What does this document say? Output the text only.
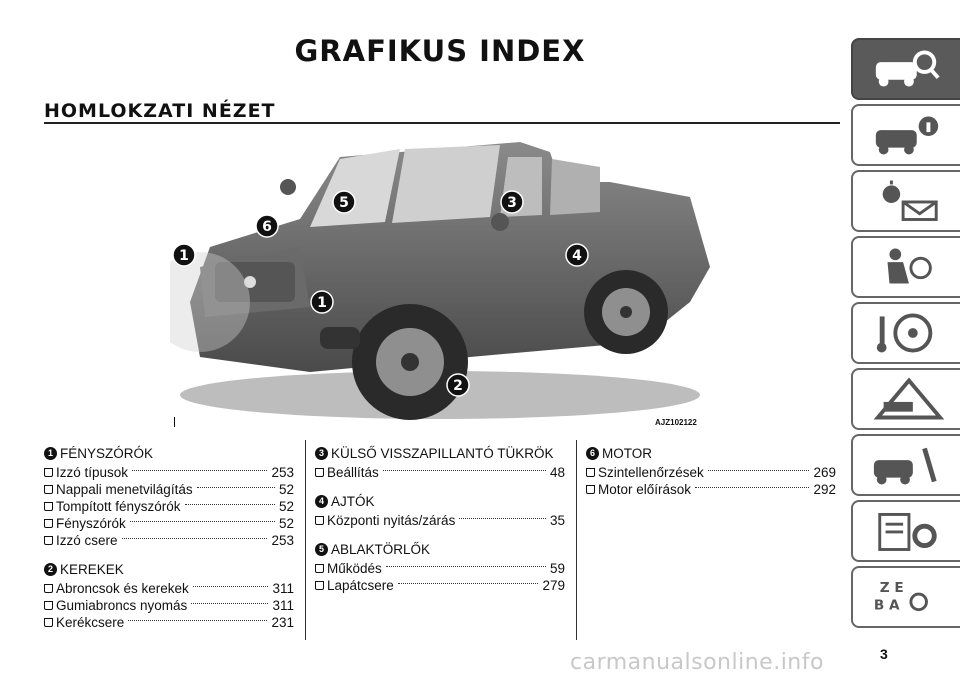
GRAFIKUS INDEX
HOMLOKZATI NÉZET
1
1
2
3
4
5
6
AJZ102122
1 FÉNYSZÓRÓK
Izzó típusok	253
Nappali menetvilágítás	52
Tompított fényszórók	52
Fényszórók	52
Izzó csere	253
2 KEREKEK
Abroncsok és kerekek	311
Gumiabroncs nyomás	311
Kerékcsere	231
3 KÜLSŐ VISSZAPILLANTÓ TÜKRÖK
Beállítás	48
4 AJTÓK
Központi nyitás/zárás	35
5 ABLAKTÖRLŐK
Működés	59
Lapátcsere	279
6 MOTOR
Szintellenőrzések	269
Motor előírások	292
Z E
B A
carmanualsonline.info	3
